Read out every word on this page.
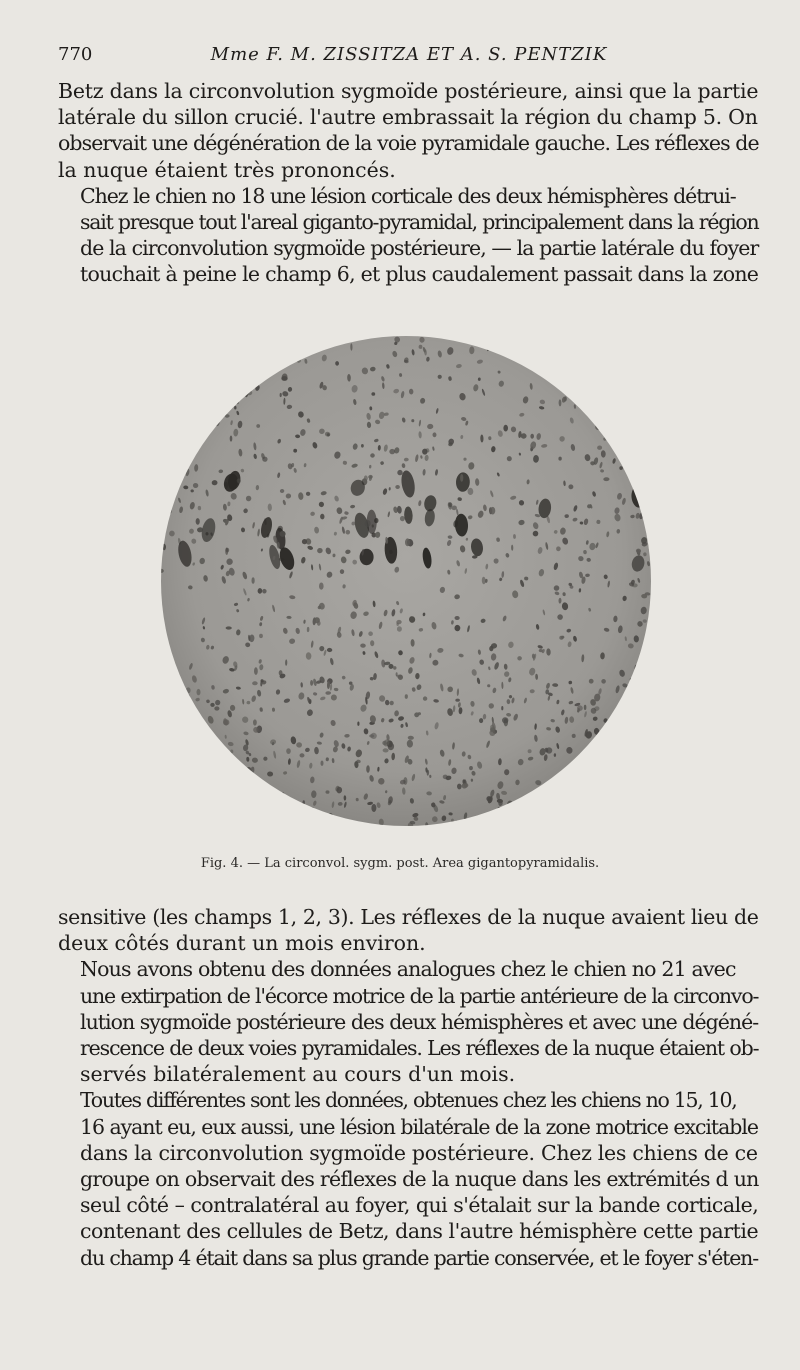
770	Mme F. M. ZISSITZA ET A. S. PENTZIK

Betz dans la circonvolution sygmoïde postérieure, ainsi que la partie
latérale du sillon crucié. l'autre embrassait la région du champ 5. On
observait une dégénération de la voie pyramidale gauche. Les réflexes de
la nuque étaient très prononcés.

Chez le chien no 18 une lésion corticale des deux hémisphères détrui-
sait presque tout l'areal giganto-pyramidal, principalement dans la région
de la circonvolution sygmoïde postérieure, — la partie latérale du foyer
touchait à peine le champ 6, et plus caudalement passait dans la zone

Fig. 4. — La circonvol. sygm. post. Area gigantopyramidalis.

sensitive (les champs 1, 2, 3). Les réflexes de la nuque avaient lieu de
deux côtés durant un mois environ.

Nous avons obtenu des données analogues chez le chien no 21 avec
une extirpation de l'écorce motrice de la partie antérieure de la circonvo-
lution sygmoïde postérieure des deux hémisphères et avec une dégéné-
rescence de deux voies pyramidales. Les réflexes de la nuque étaient ob-
servés bilatéralement au cours d'un mois.

Toutes différentes sont les données, obtenues chez les chiens no 15, 10,
16 ayant eu, eux aussi, une lésion bilatérale de la zone motrice excitable
dans la circonvolution sygmoïde postérieure. Chez les chiens de ce
groupe on observait des réflexes de la nuque dans les extrémités d un
seul côté – contralatéral au foyer, qui s'étalait sur la bande corticale,
contenant des cellules de Betz, dans l'autre hémisphère cette partie
du champ 4 était dans sa plus grande partie conservée, et le foyer s'éten-
